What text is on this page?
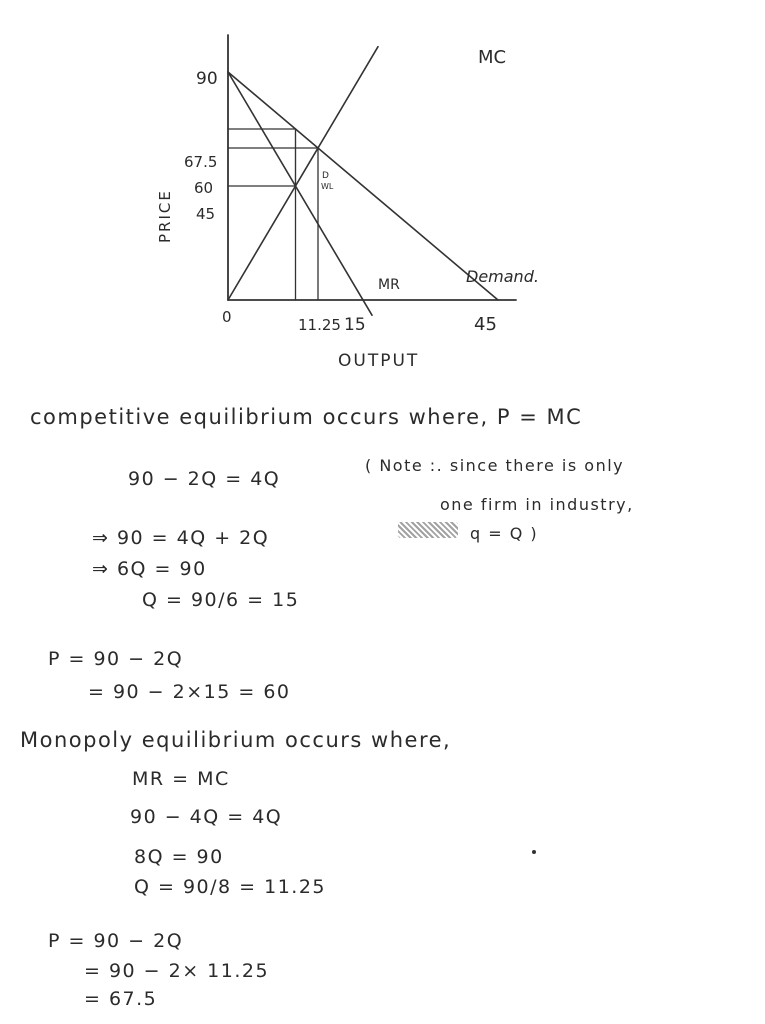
PRICE
OUTPUT
0
90
67.5
60
45
11.25 15	45
MC
MR	Demand.
D
WL
competitive equilibrium occurs where, P = MC
90 − 2Q = 4Q
( Note :. since there is only
one firm in industry,
q = Q )
⇒ 90 = 4Q + 2Q
⇒ 6Q = 90
Q = 90/6 = 15
P = 90 − 2Q
= 90 − 2×15 = 60
Monopoly equilibrium occurs where,
MR = MC
90 − 4Q = 4Q
8Q = 90
Q = 90/8 = 11.25
P = 90 − 2Q
= 90 − 2× 11.25
= 67.5
